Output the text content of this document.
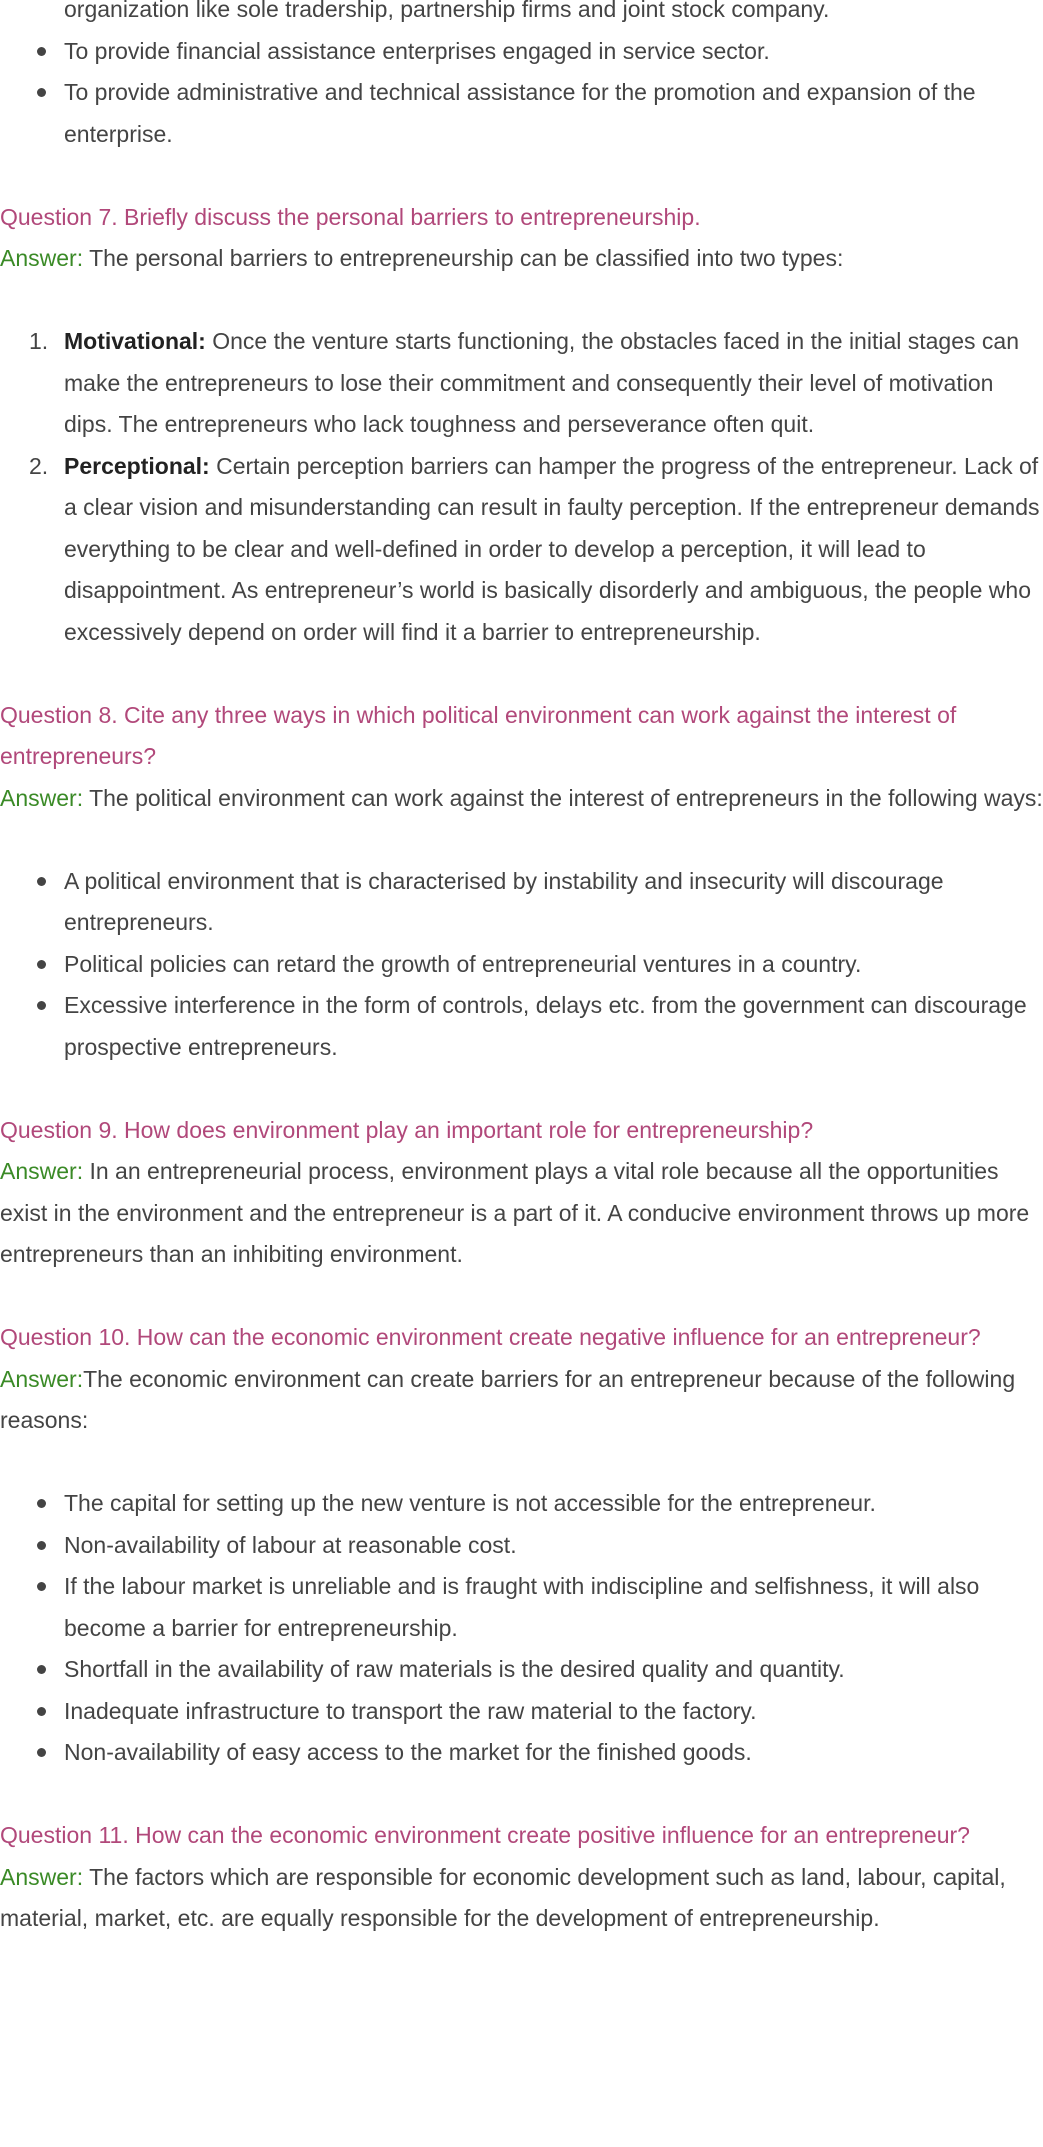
organization like sole tradership, partnership firms and joint stock company.
To provide financial assistance enterprises engaged in service sector.
To provide administrative and technical assistance for the promotion and expansion of the enterprise.

Question 7. Briefly discuss the personal barriers to entrepreneurship.

Answer: The personal barriers to entrepreneurship can be classified into two types:

1. Motivational: Once the venture starts functioning, the obstacles faced in the initial stages can make the entrepreneurs to lose their commitment and consequently their level of motivation dips. The entrepreneurs who lack toughness and perseverance often quit.
2. Perceptional: Certain perception barriers can hamper the progress of the entrepreneur. Lack of a clear vision and misunderstanding can result in faulty perception. If the entrepreneur demands everything to be clear and well-defined in order to develop a perception, it will lead to disappointment. As entrepreneur’s world is basically disorderly and ambiguous, the people who excessively depend on order will find it a barrier to entrepreneurship.

Question 8. Cite any three ways in which political environment can work against the interest of entrepreneurs?

Answer: The political environment can work against the interest of entrepreneurs in the following ways:

A political environment that is characterised by instability and insecurity will discourage entrepreneurs.
Political policies can retard the growth of entrepreneurial ventures in a country.
Excessive interference in the form of controls, delays etc. from the government can discourage prospective entrepreneurs.

Question 9. How does environment play an important role for entrepreneurship?

Answer: In an entrepreneurial process, environment plays a vital role because all the opportunities exist in the environment and the entrepreneur is a part of it. A conducive environment throws up more entrepreneurs than an inhibiting environment.

Question 10. How can the economic environment create negative influence for an entrepreneur?

Answer:The economic environment can create barriers for an entrepreneur because of the following reasons:

The capital for setting up the new venture is not accessible for the entrepreneur.
Non-availability of labour at reasonable cost.
If the labour market is unreliable and is fraught with indiscipline and selfishness, it will also become a barrier for entrepreneurship.
Shortfall in the availability of raw materials is the desired quality and quantity.
Inadequate infrastructure to transport the raw material to the factory.
Non-availability of easy access to the market for the finished goods.

Question 11. How can the economic environment create positive influence for an entrepreneur?

Answer: The factors which are responsible for economic development such as land, labour, capital, material, market, etc. are equally responsible for the development of entrepreneurship.
